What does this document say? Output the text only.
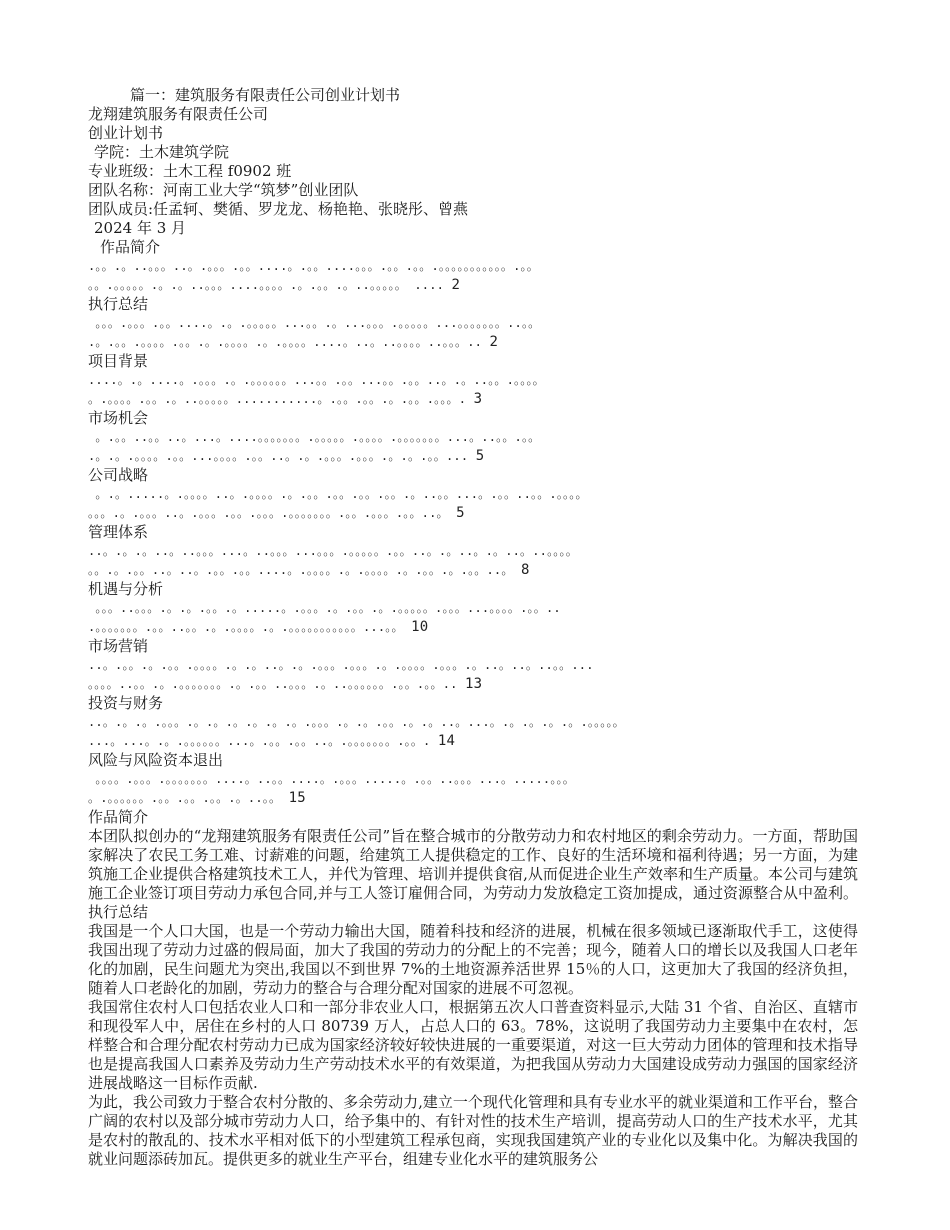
篇一：建筑服务有限责任公司创业计划书
龙翔建筑服务有限责任公司
创业计划书
学院：土木建筑学院
专业班级：土木工程 f0902 班
团队名称：河南工业大学“筑梦”创业团队
团队成员:任孟轲、樊循、罗龙龙、杨艳艳、张晓彤、曾燕
2024 年 3 月
作品简介
.。。.。..。。。..。.。。。.。。....。.。。....。。。.。。.。。.。。。。。。。。。。。.。。
。。.。。。。。.。.。..。。。....。。。。.。.。。.。..。。。。。 .... 2
执行总结
。。。.。。。.。。....。.。.。。。。。...。。.。...。。。.。。。。。...。。。。。。。..。。
.。.。。.。。。。.。。.。.。。。。.。.。。。。....。..。..。。。。..。。。.. 2
项目背景
....。.。....。.。。。.。.。。。。。。...。。.。。...。。.。。..。.。..。。.。。。。
。.。。。。.。。.。..。。。。。...........。.。。.。。.。.。。.。。。. 3
市场机会
。.。。..。。..。...。....。。。。。。。.。。。。。.。。。。.。。。。。。。...。..。。.。。
.。.。.。。。。.。。...。。。。.。。..。.。.。。。.。。。.。.。.。。... 5
公司战略
。.。.....。.。。。。..。.。。。。.。.。。.。。.。。.。。.。..。。...。.。。..。。.。。。。
。。。.。.。。。..。.。。。.。。.。。。.。。。。。。。.。。.。。。.。。..。 5
管理体系
..。.。.。..。..。。。...。..。。。...。。。.。。。。。.。。..。.。..。.。..。..。。。。
。。.。.。。..。..。.。。.。。....。.。。。。.。.。。。。.。.。。.。.。。..。 8
机遇与分析
。。。..。。。.。.。.。。.。.....。.。。。.。.。。.。.。。。。。.。。。...。。。。.。。..
.。。。。。。。.。。..。。.。.。。。。.。.。。。。。。。。。。。...。。 10
市场营销
..。.。。.。.。。.。。。。.。.。..。.。.。。。.。。。.。.。。。。.。。。.。..。..。..。。...
。。。。..。。.。.。。。。。。。.。.。。..。。。.。..。。。。。。.。。.。。.. 13
投资与财务
..。.。.。.。。。.。.。.。.。.。.。.。。。.。.。.。。.。.。..。...。.。.。.。.。.。。。。。
...。...。.。.。。。。。。...。.。。.。。..。.。。。。。。。.。。. 14
风险与风险资本退出
。。。。.。。。.。。。。。。。....。..。。....。.。。。.....。.。。..。。。...。.....。。。
。.。。。。。。.。。.。。.。。.。..。。 15
作品简介
本团队拟创办的“龙翔建筑服务有限责任公司”旨在整合城市的分散劳动力和农村地区的剩余劳动力。一方面，帮助国家解决了农民工务工难、讨薪难的问题，给建筑工人提供稳定的工作、良好的生活环境和福利待遇；另一方面，为建筑施工企业提供合格建筑技术工人，并代为管理、培训并提供食宿,从而促进企业生产效率和生产质量。本公司与建筑施工企业签订项目劳动力承包合同,并与工人签订雇佣合同，为劳动力发放稳定工资加提成，通过资源整合从中盈利。 执行总结
我国是一个人口大国，也是一个劳动力输出大国，随着科技和经济的进展，机械在很多领域已逐渐取代手工，这使得我国出现了劳动力过盛的假局面，加大了我国的劳动力的分配上的不完善；现今，随着人口的增长以及我国人口老年化的加剧，民生问题尤为突出,我国以不到世界 7%的土地资源养活世界 15％的人口，这更加大了我国的经济负担，随着人口老龄化的加剧，劳动力的整合与合理分配对国家的进展不可忽视。
我国常住农村人口包括农业人口和一部分非农业人口，根据第五次人口普查资料显示,大陆 31 个省、自治区、直辖市和现役军人中，居住在乡村的人口 80739 万人，占总人口的 63。78%，这说明了我国劳动力主要集中在农村，怎样整合和合理分配农村劳动力已成为国家经济较好较快进展的一重要渠道，对这一巨大劳动力团体的管理和技术指导也是提高我国人口素养及劳动力生产劳动技术水平的有效渠道，为把我国从劳动力大国建设成劳动力强国的国家经济进展战略这一目标作贡献.
为此，我公司致力于整合农村分散的、多余劳动力,建立一个现代化管理和具有专业水平的就业渠道和工作平台，整合广阔的农村以及部分城市劳动力人口，给予集中的、有针对性的技术生产培训，提高劳动人口的生产技术水平，尤其是农村的散乱的、技术水平相对低下的小型建筑工程承包商，实现我国建筑产业的专业化以及集中化。为解决我国的就业问题添砖加瓦。提供更多的就业生产平台，组建专业化水平的建筑服务公
